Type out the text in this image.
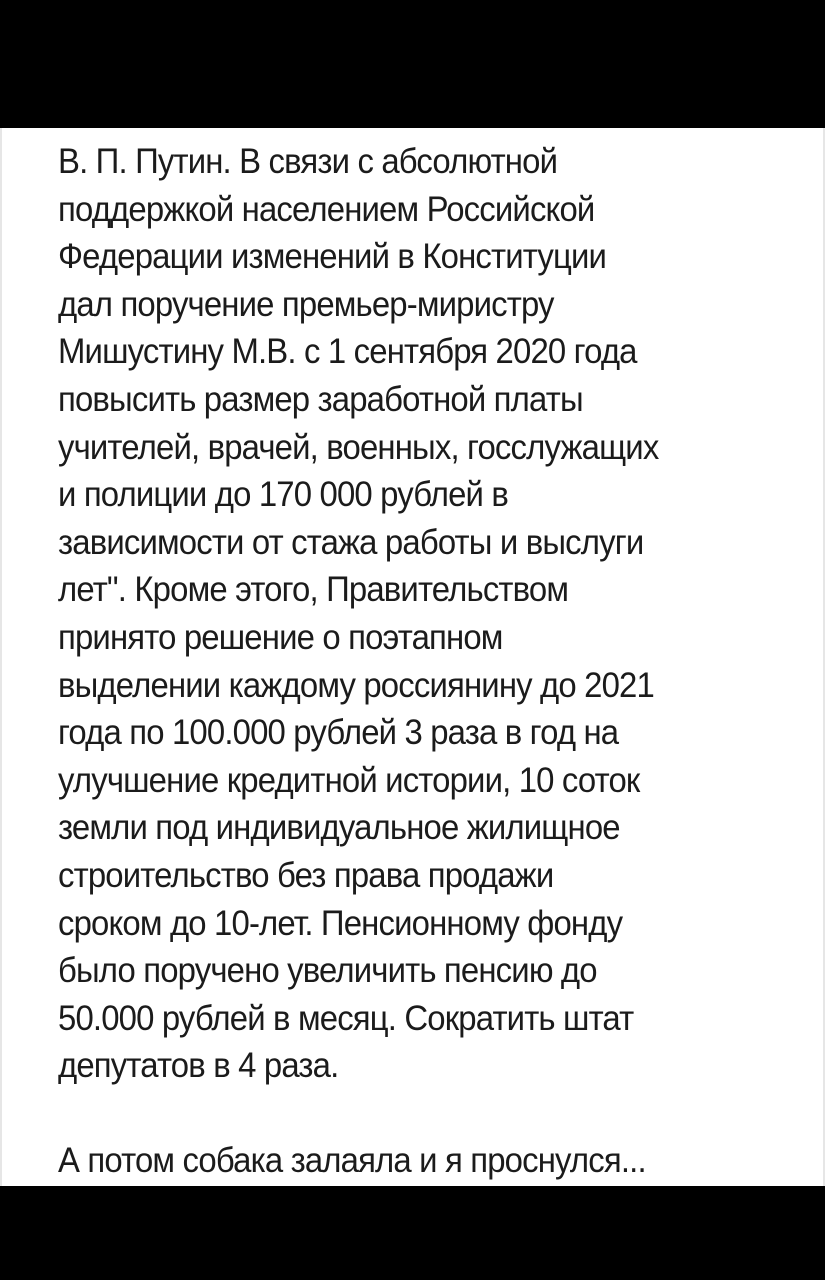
В. П. Путин. В связи с абсолютной
поддержкой населением Российской
Федерации изменений в Конституции
дал поручение премьер-миристру
Мишустину М.В. с 1 сентября 2020 года
повысить размер заработной платы
учителей, врачей, военных, госслужащих
и полиции до 170 000 рублей в
зависимости от стажа работы и выслуги
лет". Кроме этого, Правительством
принято решение о поэтапном
выделении каждому россиянину до 2021
года по 100.000 рублей 3 раза в год на
улучшение кредитной истории, 10 соток
земли под индивидуальное жилищное
строительство без права продажи
сроком до 10-лет. Пенсионному фонду
было поручено увеличить пенсию до
50.000 рублей в месяц. Сократить штат
депутатов в 4 раза.
А потом собака залаяла и я проснулся...
